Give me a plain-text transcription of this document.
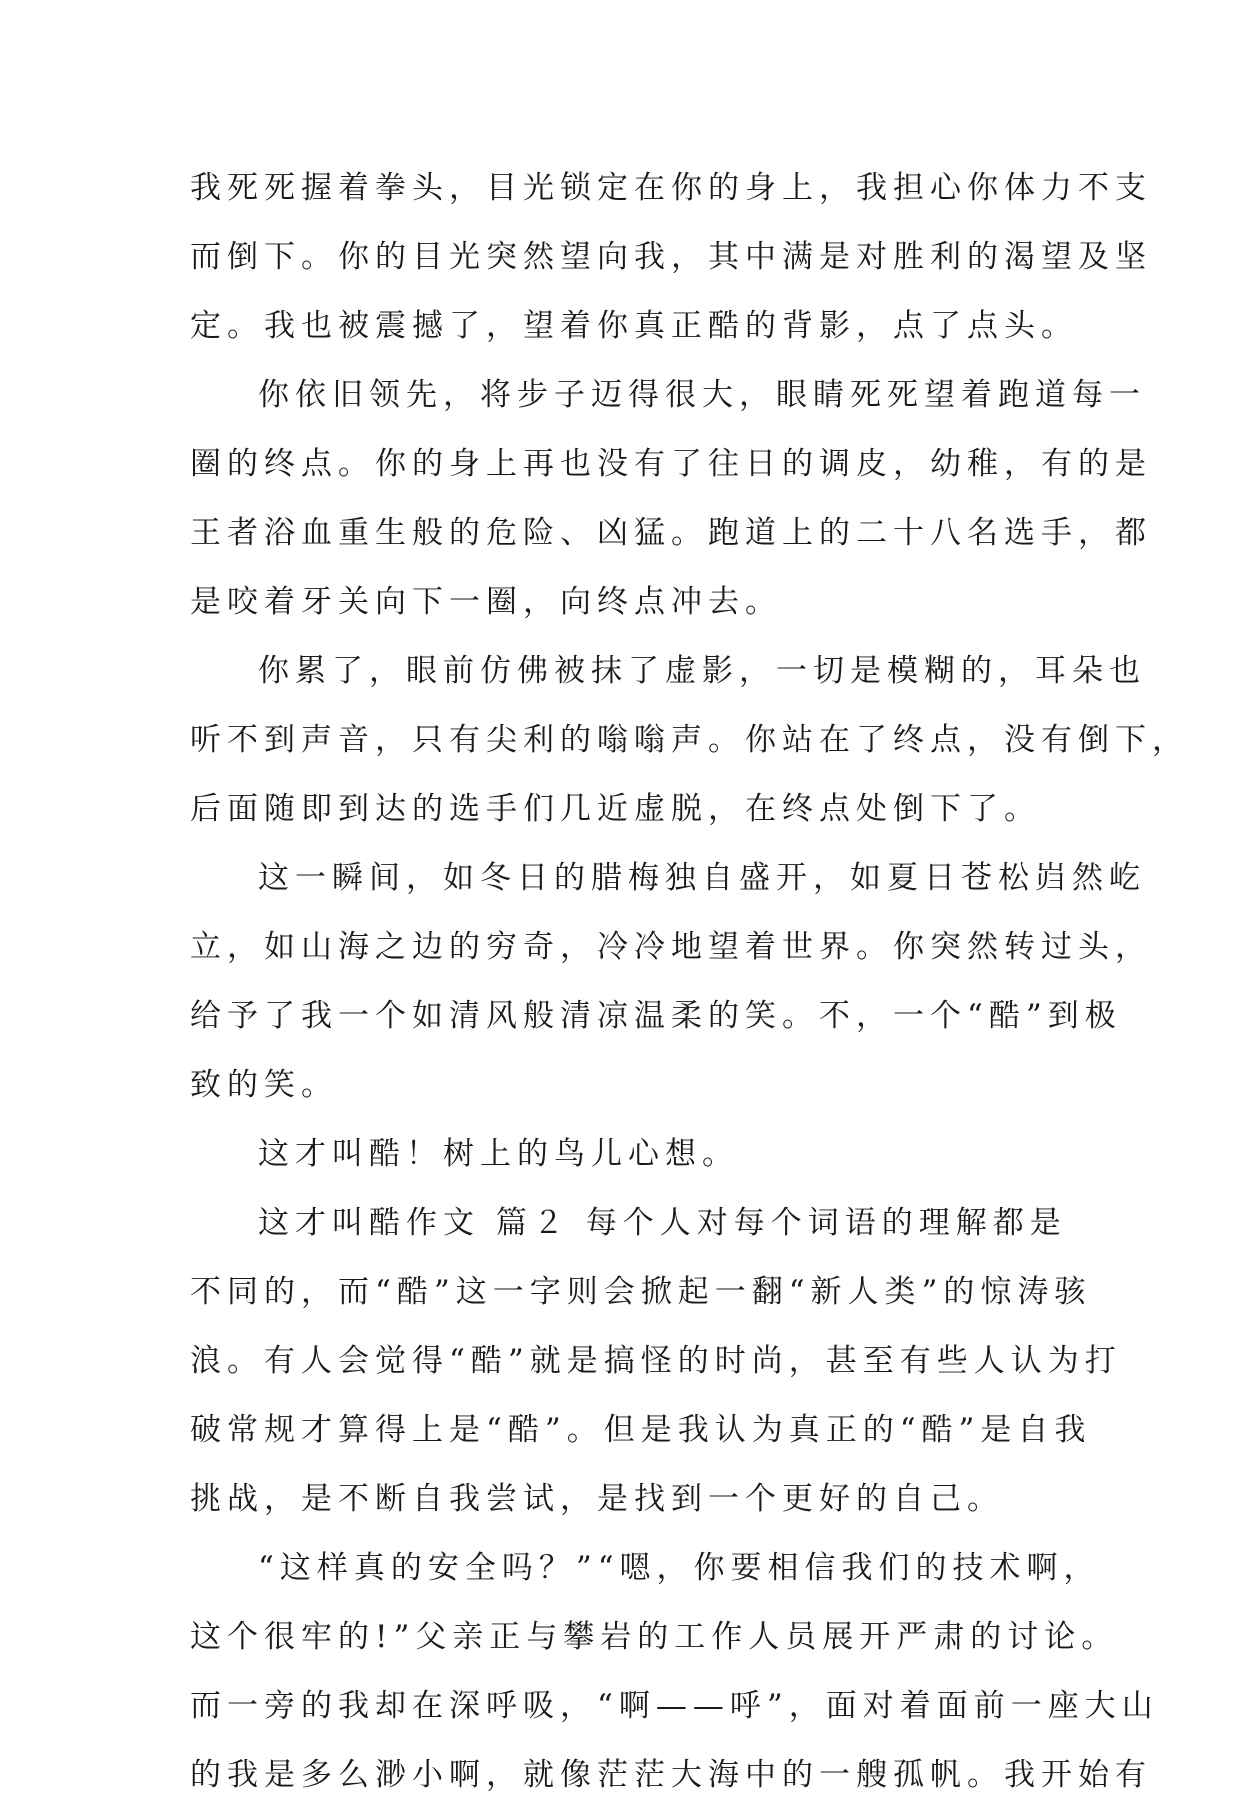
我死死握着拳头，目光锁定在你的身上，我担心你体力不支
而倒下。你的目光突然望向我，其中满是对胜利的渴望及坚
定。我也被震撼了，望着你真正酷的背影，点了点头。
你依旧领先，将步子迈得很大，眼睛死死望着跑道每一
圈的终点。你的身上再也没有了往日的调皮，幼稚，有的是
王者浴血重生般的危险、凶猛。跑道上的二十八名选手，都
是咬着牙关向下一圈，向终点冲去。
你累了，眼前仿佛被抹了虚影，一切是模糊的，耳朵也
听不到声音，只有尖利的嗡嗡声。你站在了终点，没有倒下，
后面随即到达的选手们几近虚脱，在终点处倒下了。
这一瞬间，如冬日的腊梅独自盛开，如夏日苍松岿然屹
立，如山海之边的穷奇，冷冷地望着世界。你突然转过头，
给予了我一个如清风般清凉温柔的笑。不，一个“酷”到极
致的笑。
这才叫酷！树上的鸟儿心想。
这才叫酷作文 篇２ 每个人对每个词语的理解都是
不同的，而“酷”这一字则会掀起一翻“新人类”的惊涛骇
浪。有人会觉得“酷”就是搞怪的时尚，甚至有些人认为打
破常规才算得上是“酷”。但是我认为真正的“酷”是自我
挑战，是不断自我尝试，是找到一个更好的自己。
“这样真的安全吗？”“嗯，你要相信我们的技术啊，
这个很牢的!”父亲正与攀岩的工作人员展开严肃的讨论。
而一旁的我却在深呼吸，“啊——呼”，面对着面前一座大山
的我是多么渺小啊，就像茫茫大海中的一艘孤帆。我开始有
